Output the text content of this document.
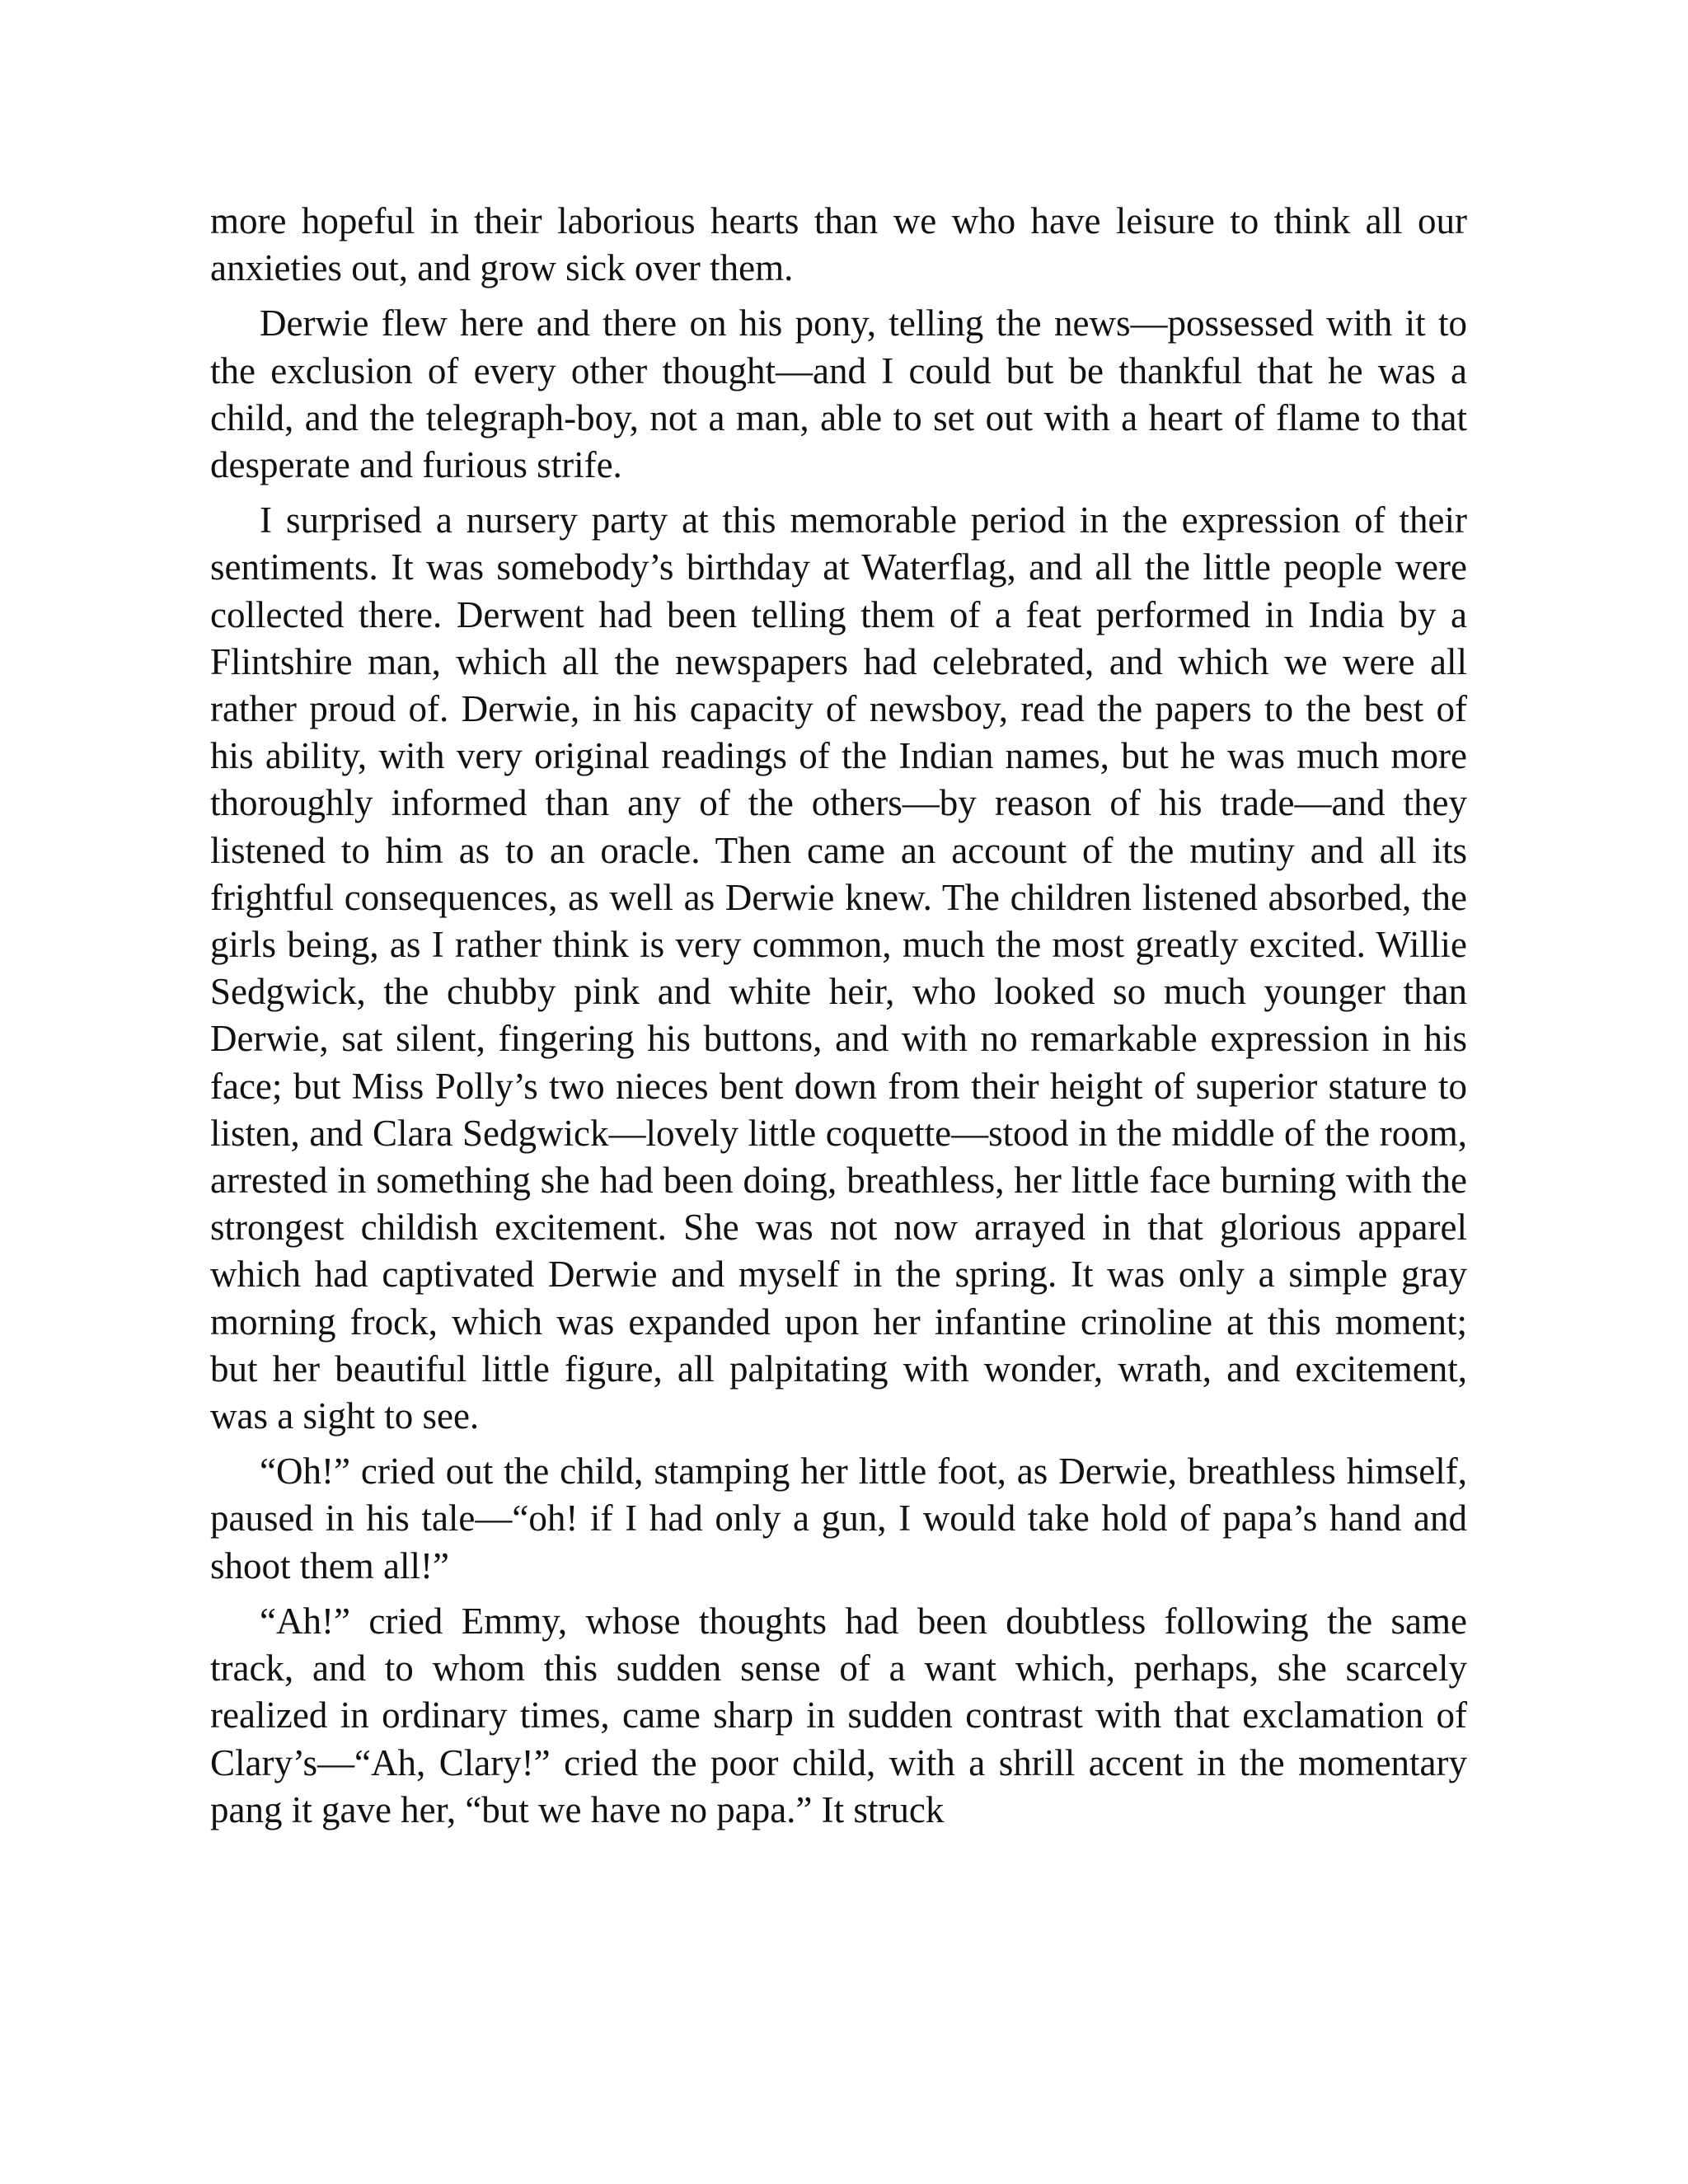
more hopeful in their laborious hearts than we who have leisure to think all our anxieties out, and grow sick over them.

Derwie flew here and there on his pony, telling the news—possessed with it to the exclusion of every other thought—and I could but be thankful that he was a child, and the telegraph-boy, not a man, able to set out with a heart of flame to that desperate and furious strife.

I surprised a nursery party at this memorable period in the expression of their sentiments. It was somebody’s birthday at Waterflag, and all the little people were collected there. Derwent had been telling them of a feat performed in India by a Flintshire man, which all the newspapers had celebrated, and which we were all rather proud of. Derwie, in his capacity of newsboy, read the papers to the best of his ability, with very original readings of the Indian names, but he was much more thoroughly informed than any of the others—by reason of his trade—and they listened to him as to an oracle. Then came an account of the mutiny and all its frightful consequences, as well as Derwie knew. The children listened absorbed, the girls being, as I rather think is very common, much the most greatly excited. Willie Sedgwick, the chubby pink and white heir, who looked so much younger than Derwie, sat silent, fingering his buttons, and with no remarkable expression in his face; but Miss Polly’s two nieces bent down from their height of superior stature to listen, and Clara Sedgwick—lovely little coquette—stood in the middle of the room, arrested in something she had been doing, breathless, her little face burning with the strongest childish excitement. She was not now arrayed in that glorious apparel which had captivated Derwie and myself in the spring. It was only a simple gray morning frock, which was expanded upon her infantine crinoline at this moment; but her beautiful little figure, all palpitating with wonder, wrath, and excitement, was a sight to see.

“Oh!” cried out the child, stamping her little foot, as Derwie, breathless himself, paused in his tale—“oh! if I had only a gun, I would take hold of papa’s hand and shoot them all!”

“Ah!” cried Emmy, whose thoughts had been doubtless following the same track, and to whom this sudden sense of a want which, perhaps, she scarcely realized in ordinary times, came sharp in sudden contrast with that exclamation of Clary’s—“Ah, Clary!” cried the poor child, with a shrill accent in the momentary pang it gave her, “but we have no papa.” It struck
